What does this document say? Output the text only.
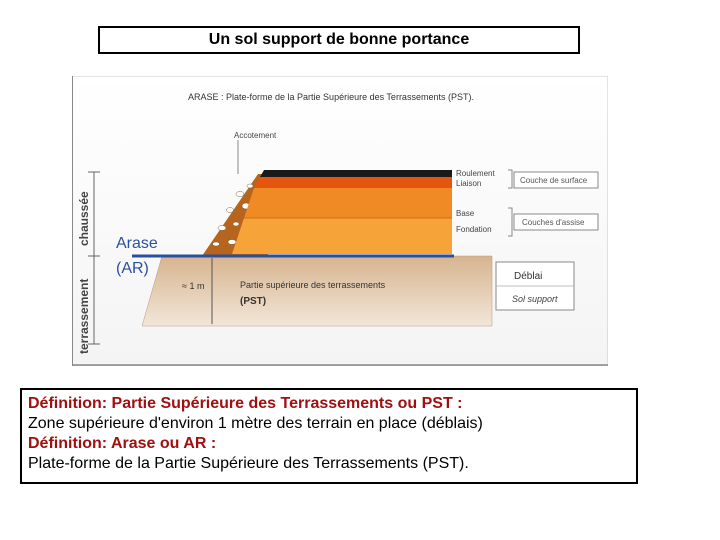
Un sol support de bonne portance
ARASE : Plate-forme de la Partie Supérieure des Terrassements (PST).
chaussée
terrassement
Accotement
Arase
(AR)
≈ 1 m	Partie supérieure des terrassements
(PST)
Roulement
Liaison
Base
Fondation
Couche de surface
Couches d'assise
Déblai
Sol support
Définition: Partie Supérieure des Terrassements ou PST :
Zone supérieure d'environ 1 mètre des terrain en place (déblais)
Définition: Arase ou AR :
Plate-forme de la Partie Supérieure des Terrassements (PST).
